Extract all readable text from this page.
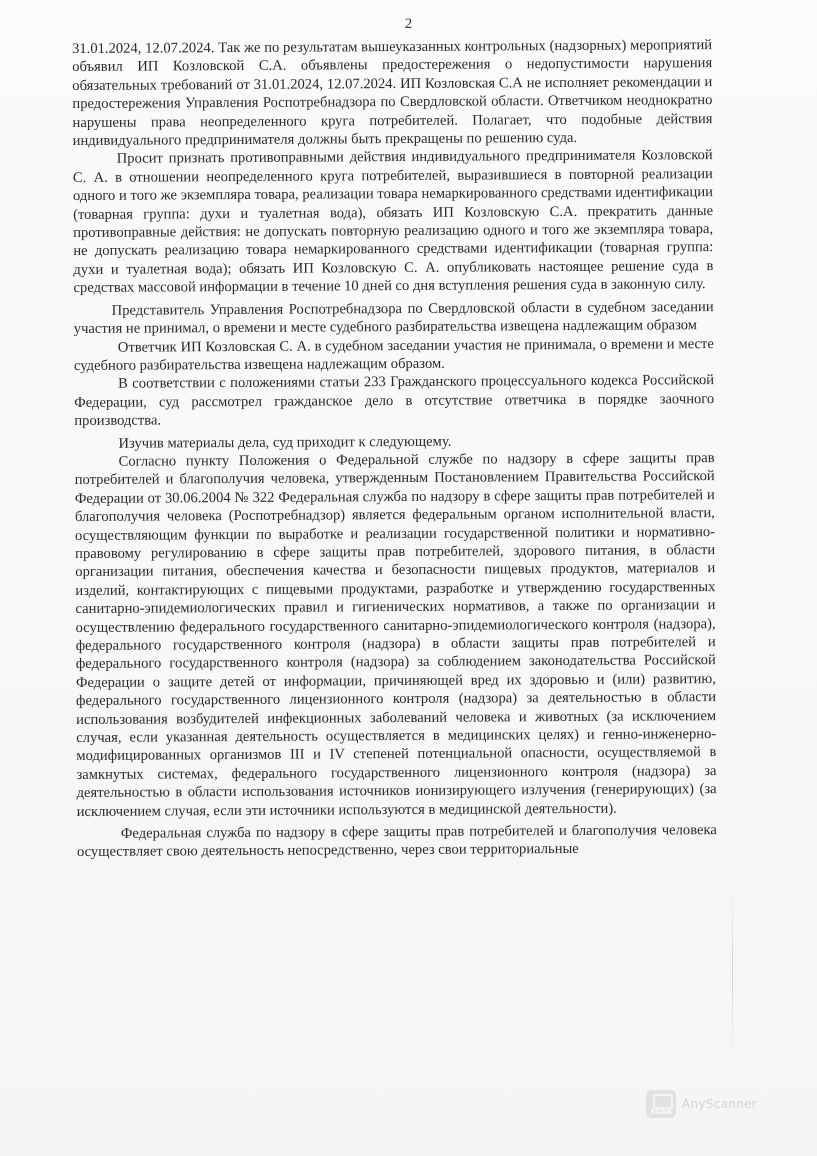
2

31.01.2024, 12.07.2024. Так же по результатам вышеуказанных контрольных (надзорных) мероприятий объявил ИП Козловской С.А. объявлены предостережения о недопустимости нарушения обязательных требований от 31.01.2024, 12.07.2024. ИП Козловская С.А не исполняет рекомендации и предостережения Управления Роспотребнадзора по Свердловской области. Ответчиком неоднократно нарушены права неопределенного круга потребителей. Полагает, что подобные действия индивидуального предпринимателя должны быть прекращены по решению суда.

Просит признать противоправными действия индивидуального предпринимателя Козловской С. А. в отношении неопределенного круга потребителей, выразившиеся в повторной реализации одного и того же экземпляра товара, реализации товара немаркированного средствами идентификации (товарная группа: духи и туалетная вода), обязать ИП Козловскую С.А. прекратить данные противоправные действия: не допускать повторную реализацию одного и того же экземпляра товара, не допускать реализацию товара немаркированного средствами идентификации (товарная группа: духи и туалетная вода); обязать ИП Козловскую С. А. опубликовать настоящее решение суда в средствах массовой информации в течение 10 дней со дня вступления решения суда в законную силу.

Представитель Управления Роспотребнадзора по Свердловской области в судебном заседании участия не принимал, о времени и месте судебного разбирательства извещена надлежащим образом

Ответчик ИП Козловская С. А. в судебном заседании участия не принимала, о времени и месте судебного разбирательства извещена надлежащим образом.

В соответствии с положениями статьи 233 Гражданского процессуального кодекса Российской Федерации, суд рассмотрел гражданское дело в отсутствие ответчика в порядке заочного производства.

Изучив материалы дела, суд приходит к следующему.

Согласно пункту Положения о Федеральной службе по надзору в сфере защиты прав потребителей и благополучия человека, утвержденным Постановлением Правительства Российской Федерации от 30.06.2004 № 322 Федеральная служба по надзору в сфере защиты прав потребителей и благополучия человека (Роспотребнадзор) является федеральным органом исполнительной власти, осуществляющим функции по выработке и реализации государственной политики и нормативно-правовому регулированию в сфере защиты прав потребителей, здорового питания, в области организации питания, обеспечения качества и безопасности пищевых продуктов, материалов и изделий, контактирующих с пищевыми продуктами, разработке и утверждению государственных санитарно-эпидемиологических правил и гигиенических нормативов, а также по организации и осуществлению федерального государственного санитарно-эпидемиологического контроля (надзора), федерального государственного контроля (надзора) в области защиты прав потребителей и федерального государственного контроля (надзора) за соблюдением законодательства Российской Федерации о защите детей от информации, причиняющей вред их здоровью и (или) развитию, федерального государственного лицензионного контроля (надзора) за деятельностью в области использования возбудителей инфекционных заболеваний человека и животных (за исключением случая, если указанная деятельность осуществляется в медицинских целях) и генно-инженерно-модифицированных организмов III и IV степеней потенциальной опасности, осуществляемой в замкнутых системах, федерального государственного лицензионного контроля (надзора) за деятельностью в области использования источников ионизирующего излучения (генерирующих) (за исключением случая, если эти источники используются в медицинской деятельности).

Федеральная служба по надзору в сфере защиты прав потребителей и благополучия человека осуществляет свою деятельность непосредственно, через свои территориальные

SCAN
AnyScanner
